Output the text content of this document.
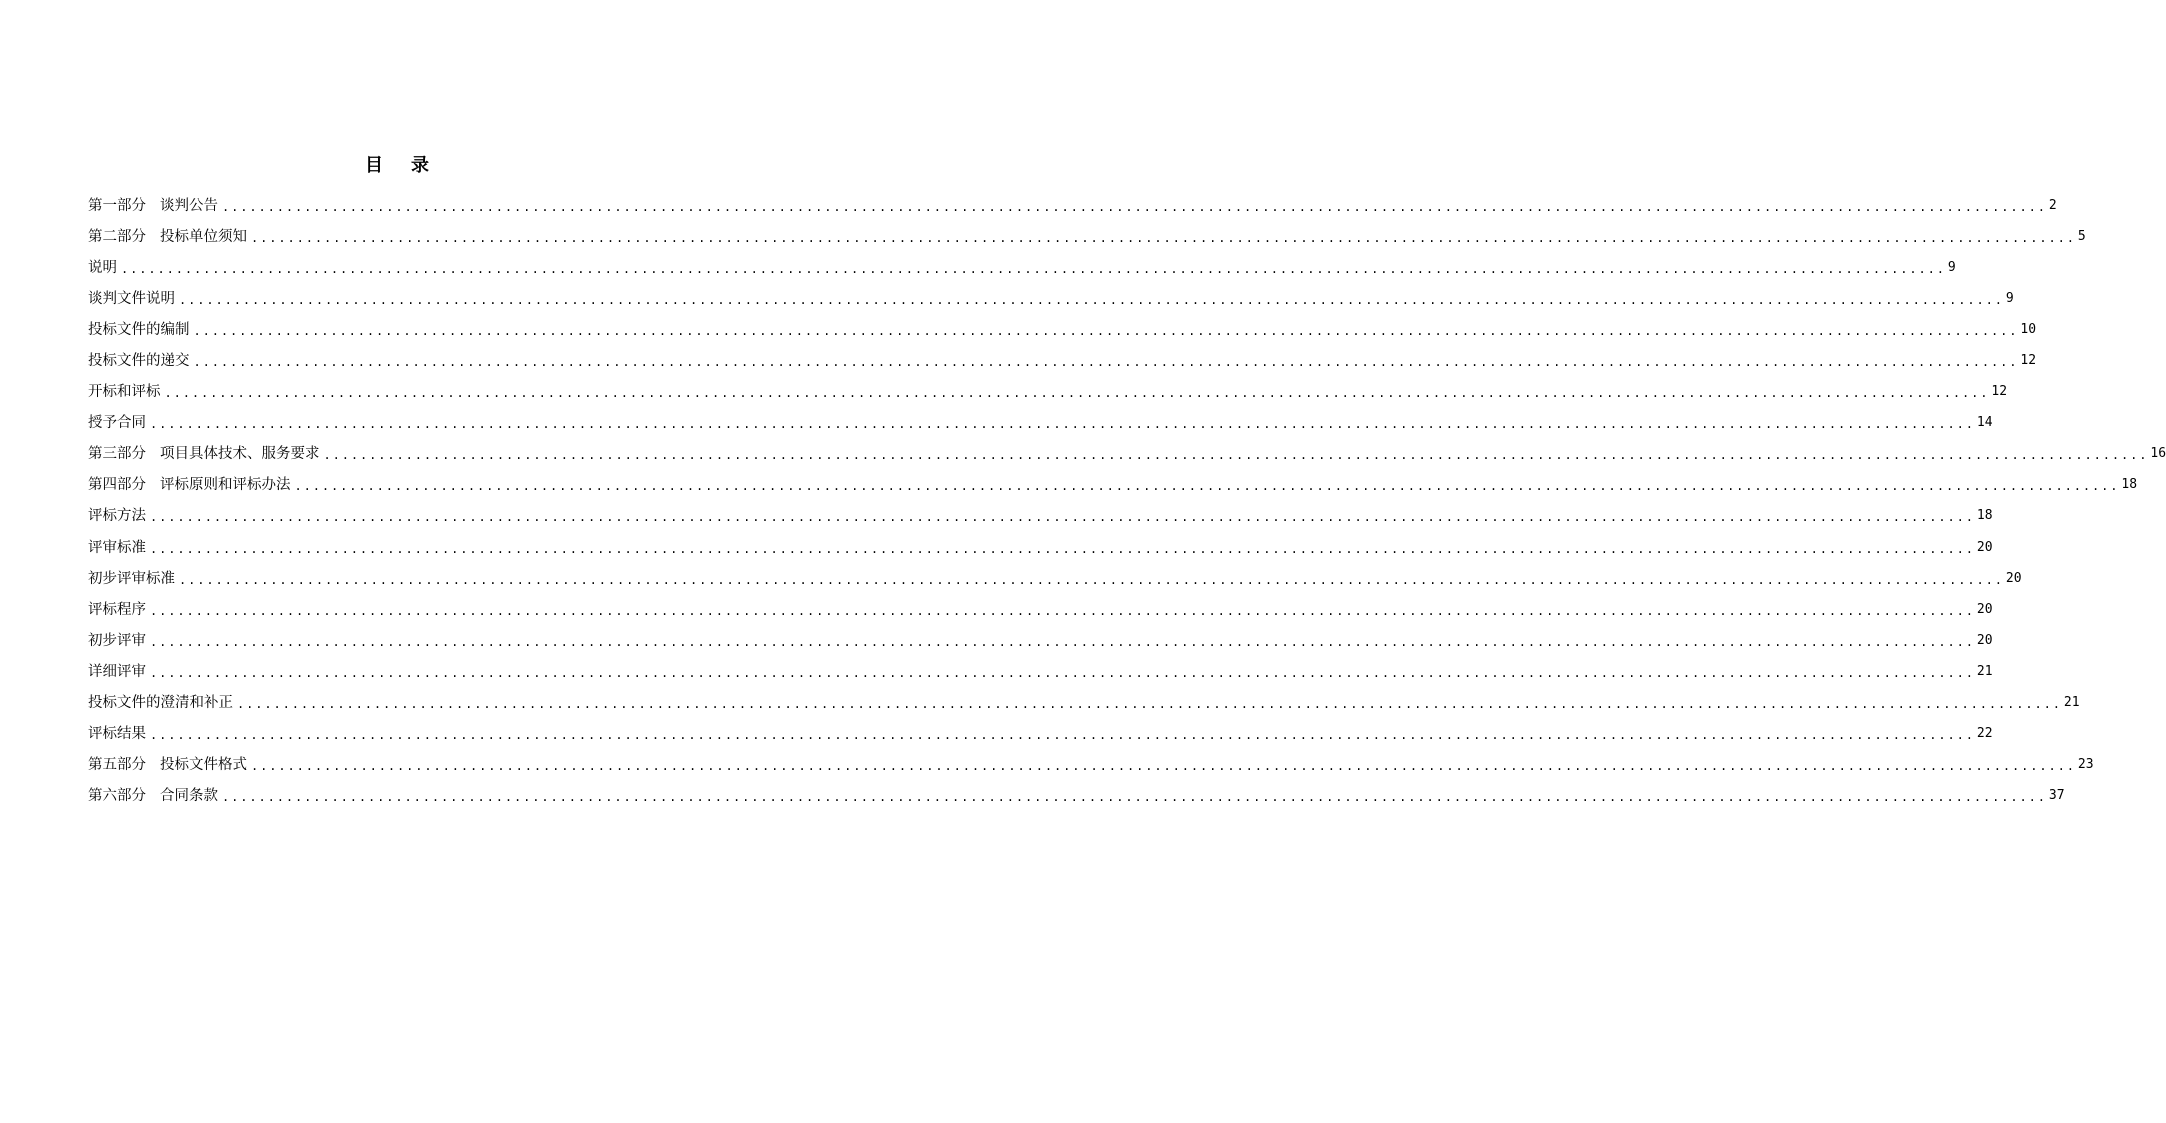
目 录
第一部分 谈判公告 ........................................................................................................................................................................................................ 2
第二部分 投标单位须知 ........................................................................................................................................................................................................ 5
说明 ........................................................................................................................................................................................................ 9
谈判文件说明 ........................................................................................................................................................................................................ 9
投标文件的编制 ........................................................................................................................................................................................................ 10
投标文件的递交 ........................................................................................................................................................................................................ 12
开标和评标 ........................................................................................................................................................................................................ 12
授予合同 ........................................................................................................................................................................................................ 14
第三部分 项目具体技术、服务要求 ........................................................................................................................................................................................................ 16
第四部分 评标原则和评标办法 ........................................................................................................................................................................................................ 18
评标方法 ........................................................................................................................................................................................................ 18
评审标准 ........................................................................................................................................................................................................ 20
初步评审标准 ........................................................................................................................................................................................................ 20
评标程序 ........................................................................................................................................................................................................ 20
初步评审 ........................................................................................................................................................................................................ 20
详细评审 ........................................................................................................................................................................................................ 21
投标文件的澄清和补正 ........................................................................................................................................................................................................ 21
评标结果 ........................................................................................................................................................................................................ 22
第五部分 投标文件格式 ........................................................................................................................................................................................................ 23
第六部分 合同条款 ........................................................................................................................................................................................................ 37
